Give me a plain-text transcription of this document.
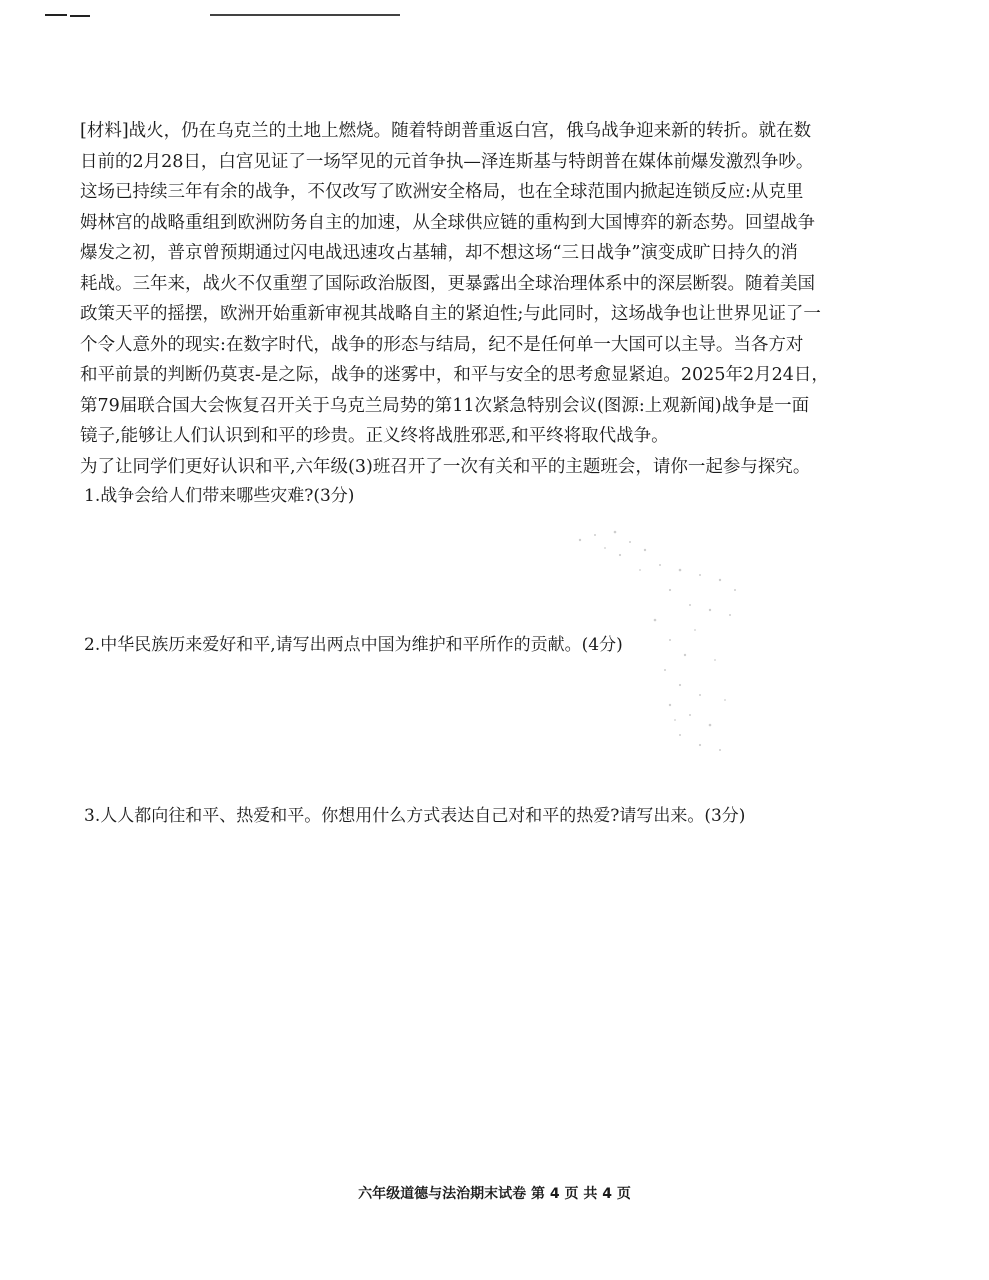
[材料]战火，仍在乌克兰的土地上燃烧。随着特朗普重返白宫，俄乌战争迎来新的转折。就在数
日前的2月28日，白宫见证了一场罕见的元首争执—泽连斯基与特朗普在媒体前爆发激烈争吵。
这场已持续三年有余的战争，不仅改写了欧洲安全格局，也在全球范围内掀起连锁反应:从克里
姆林宫的战略重组到欧洲防务自主的加速，从全球供应链的重构到大国博弈的新态势。回望战争
爆发之初，普京曾预期通过闪电战迅速攻占基辅，却不想这场“三日战争”演变成旷日持久的消
耗战。三年来，战火不仅重塑了国际政治版图，更暴露出全球治理体系中的深层断裂。随着美国
政策天平的摇摆，欧洲开始重新审视其战略自主的紧迫性;与此同时，这场战争也让世界见证了一
个令人意外的现实:在数字时代，战争的形态与结局，纪不是任何单一大国可以主导。当各方对
和平前景的判断仍莫衷-是之际，战争的迷雾中，和平与安全的思考愈显紧迫。2025年2月24日，
第79届联合国大会恢复召开关于乌克兰局势的第11次紧急特别会议(图源:上观新闻)战争是一面
镜子,能够让人们认识到和平的珍贵。正义终将战胜邪恶,和平终将取代战争。
为了让同学们更好认识和平,六年级(3)班召开了一次有关和平的主题班会，请你一起参与探究。
1.战争会给人们带来哪些灾难?(3分)
2.中华民族历来爱好和平,请写出两点中国为维护和平所作的贡献。(4分)
3.人人都向往和平、热爱和平。你想用什么方式表达自己对和平的热爱?请写出来。(3分)
六年级道德与法治期末试卷 第 4 页 共 4 页
